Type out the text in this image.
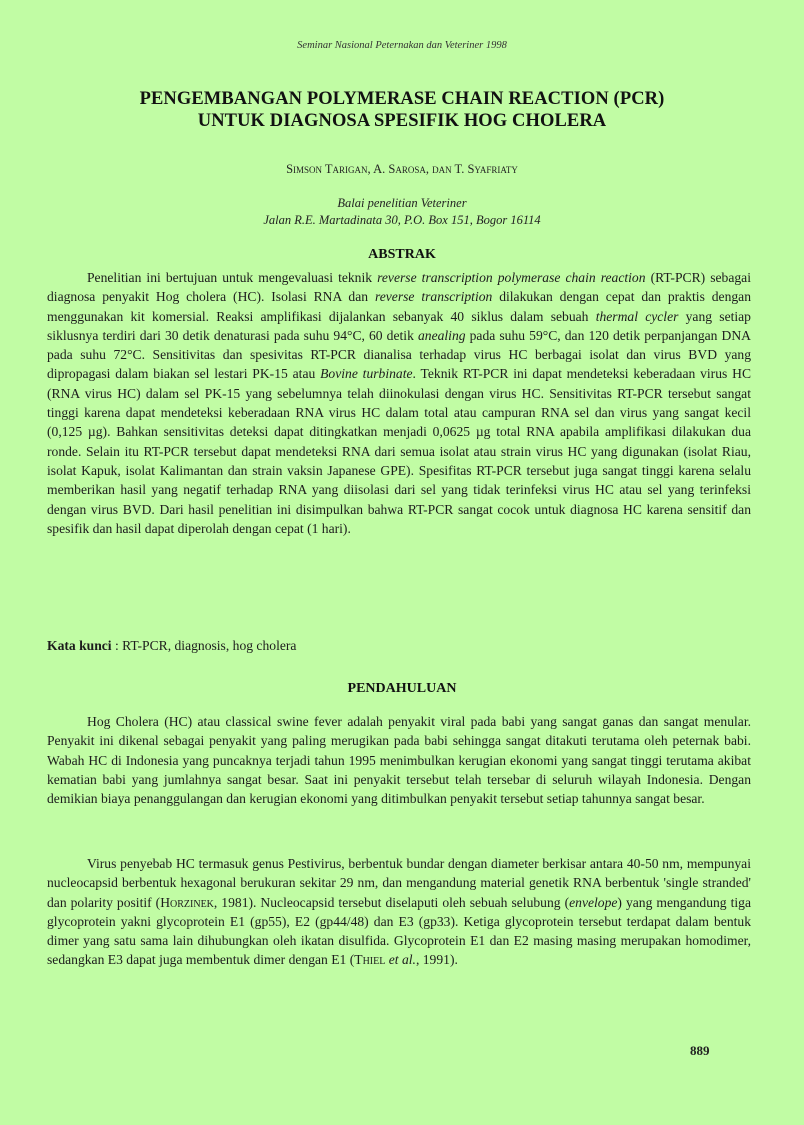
Seminar Nasional Peternakan dan Veteriner 1998
PENGEMBANGAN POLYMERASE CHAIN REACTION (PCR)
UNTUK DIAGNOSA SPESIFIK HOG CHOLERA
Simson Tarigan, A. Sarosa, dan T. Syafriaty
Balai penelitian Veteriner
Jalan R.E. Martadinata 30, P.O. Box 151, Bogor 16114
ABSTRAK

Penelitian ini bertujuan untuk mengevaluasi teknik reverse transcription polymerase chain reaction (RT-PCR) sebagai diagnosa penyakit Hog cholera (HC). Isolasi RNA dan reverse transcription dilakukan dengan cepat dan praktis dengan menggunakan kit komersial. Reaksi amplifikasi dijalankan sebanyak 40 siklus dalam sebuah thermal cycler yang setiap siklusnya terdiri dari 30 detik denaturasi pada suhu 94°C, 60 detik anealing pada suhu 59°C, dan 120 detik perpanjangan DNA pada suhu 72°C. Sensitivitas dan spesivitas RT-PCR dianalisa terhadap virus HC berbagai isolat dan virus BVD yang dipropagasi dalam biakan sel lestari PK-15 atau Bovine turbinate. Teknik RT-PCR ini dapat mendeteksi keberadaan virus HC (RNA virus HC) dalam sel PK-15 yang sebelumnya telah diinokulasi dengan virus HC. Sensitivitas RT-PCR tersebut sangat tinggi karena dapat mendeteksi keberadaan RNA virus HC dalam total atau campuran RNA sel dan virus yang sangat kecil (0,125 µg). Bahkan sensitivitas deteksi dapat ditingkatkan menjadi 0,0625 µg total RNA apabila amplifikasi dilakukan dua ronde. Selain itu RT-PCR tersebut dapat mendeteksi RNA dari semua isolat atau strain virus HC yang digunakan (isolat Riau, isolat Kapuk, isolat Kalimantan dan strain vaksin Japanese GPE). Spesifitas RT-PCR tersebut juga sangat tinggi karena selalu memberikan hasil yang negatif terhadap RNA yang diisolasi dari sel yang tidak terinfeksi virus HC atau sel yang terinfeksi dengan virus BVD. Dari hasil penelitian ini disimpulkan bahwa RT-PCR sangat cocok untuk diagnosa HC karena sensitif dan spesifik dan hasil dapat diperolah dengan cepat (1 hari).

Kata kunci : RT-PCR, diagnosis, hog cholera
PENDAHULUAN

Hog Cholera (HC) atau classical swine fever adalah penyakit viral pada babi yang sangat ganas dan sangat menular. Penyakit ini dikenal sebagai penyakit yang paling merugikan pada babi sehingga sangat ditakuti terutama oleh peternak babi. Wabah HC di Indonesia yang puncaknya terjadi tahun 1995 menimbulkan kerugian ekonomi yang sangat tinggi terutama akibat kematian babi yang jumlahnya sangat besar. Saat ini penyakit tersebut telah tersebar di seluruh wilayah Indonesia. Dengan demikian biaya penanggulangan dan kerugian ekonomi yang ditimbulkan penyakit tersebut setiap tahunnya sangat besar.

Virus penyebab HC termasuk genus Pestivirus, berbentuk bundar dengan diameter berkisar antara 40-50 nm, mempunyai nucleocapsid berbentuk hexagonal berukuran sekitar 29 nm, dan mengandung material genetik RNA berbentuk 'single stranded' dan polarity positif (Horzinek, 1981). Nucleocapsid tersebut diselaputi oleh sebuah selubung (envelope) yang mengandung tiga glycoprotein yakni glycoprotein E1 (gp55), E2 (gp44/48) dan E3 (gp33). Ketiga glycoprotein tersebut terdapat dalam bentuk dimer yang satu sama lain dihubungkan oleh ikatan disulfida. Glycoprotein E1 dan E2 masing masing merupakan homodimer, sedangkan E3 dapat juga membentuk dimer dengan E1 (Thiel et al., 1991).

889
